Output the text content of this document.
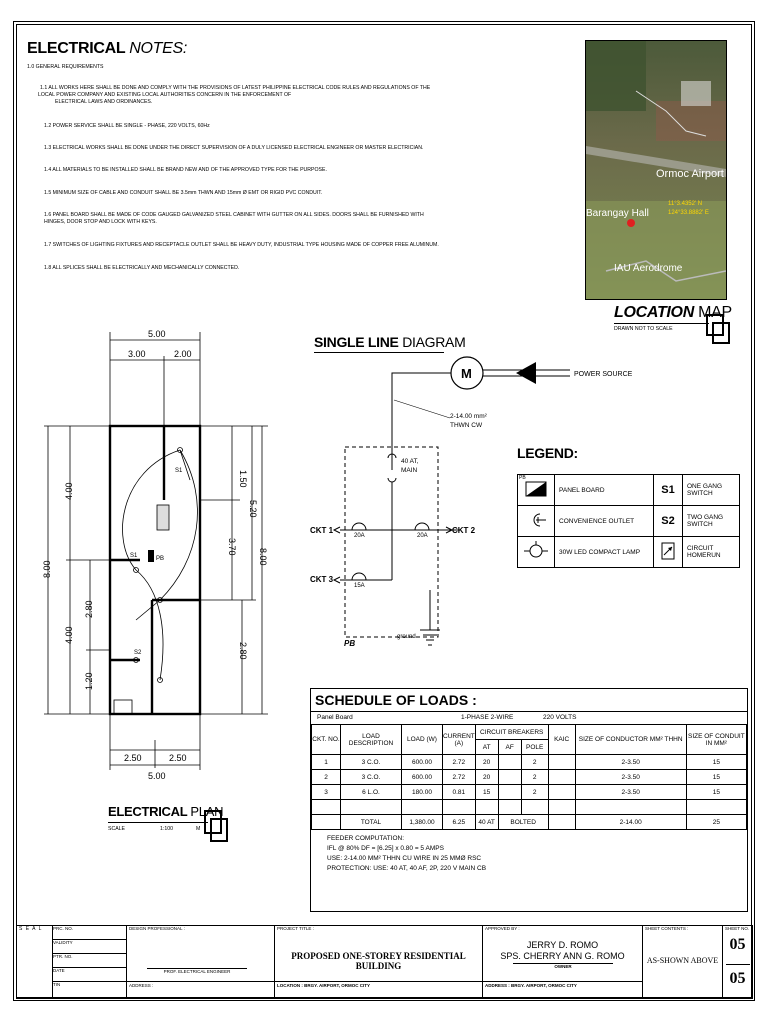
ELECTRICAL NOTES:
1.0 GENERAL REQUIREMENTS
1.1 ALL WORKS HERE SHALL BE DONE AND COMPLY WITH THE PROVISIONS OF LATEST PHILIPPINE ELECTRICAL CODE RULES AND REGULATIONS OF THE
LOCAL POWER COMPANY AND EXISTING LOCAL AUTHORITIES CONCERN IN THE ENFORCEMENT OF
ELECTRICAL LAWS AND ORDINANCES.
1.2 POWER SERVICE SHALL BE SINGLE - PHASE, 220 VOLTS, 60Hz
1.3 ELECTRICAL WORKS SHALL BE DONE UNDER THE DIRECT SUPERVISION OF A DULY LICENSED ELECTRICAL ENGINEER OR MASTER ELECTRICIAN.
1.4 ALL MATERIALS TO BE INSTALLED SHALL BE BRAND NEW AND OF THE APPROVED TYPE FOR THE PURPOSE.
1.5 MINIMUM SIZE OF CABLE AND CONDUIT SHALL BE 3.5mm THWN AND 15mm Ø EMT OR RIGID PVC CONDUIT.
1.6 PANEL BOARD SHALL BE MADE OF CODE GAUGED GALVANIZED STEEL CABINET WITH GUTTER ON ALL SIDES. DOORS SHALL BE FURNISHED WITH
HINGES, DOOR STOP AND LOCK WITH KEYS.
1.7 SWITCHES OF LIGHTING FIXTURES AND RECEPTACLE OUTLET SHALL BE HEAVY DUTY, INDUSTRIAL TYPE HOUSING MADE OF COPPER FREE ALUMINUM.
1.8 ALL SPLICES SHALL BE ELECTRICALLY AND MECHANICALLY CONNECTED.
Ormoc Airport
Barangay Hall
11°3.4352' N
124°33.8882' E
IAU Aerodrome
LOCATION MAP
DRAWN NOT TO SCALE
SINGLE LINE DIAGRAM
M	POWER SOURCE
2-14.00 mm²
THWN CW
40 AT,
MAIN
20A	20A
15A
CKT 1	CKT 2
CKT 3
PB
ground
LEGEND:
PB	PANEL BOARD	S1	ONE GANG SWITCH
	CONVENIENCE OUTLET	S2	TWO GANG SWITCH
	30W LED COMPACT LAMP		CIRCUIT HOMERUN
5.00
3.00	2.00
2.50	2.50
5.00
8.00
4.00
4.00
2.80
1.20
1.50
3.70
5.20
2.80
8.00
S1
S1	PB
S2
ELECTRICAL PLAN
SCALE	1:100	M
SCHEDULE OF LOADS :
Panel Board	1-PHASE 2-WIRE	220 VOLTS
CKT. NO.	LOAD DESCRIPTION	LOAD (W)	CURRENT (A)	CIRCUIT BREAKERS			KAIC	SIZE OF CONDUCTOR MM² THHN	SIZE OF CONDUIT IN MM²
				AT	AF	POLE			
1	3 C.O.	600.00	2.72	20		2		2-3.50	15
2	3 C.O.	600.00	2.72	20		2		2-3.50	15
3	6 L.O.	180.00	0.81	15		2		2-3.50	15

	TOTAL	1,380.00	6.25	40 AT	BOLTED			2-14.00	25
FEEDER COMPUTATION:
IFL @ 80% DF = [6.25] x 0.80 = 5 AMPS
USE: 2-14.00 MM² THHN CU WIRE IN 25 MMØ RSC
PROTECTION: USE: 40 AT, 40 AF, 2P, 220 V MAIN CB
S E A L	PRC. NO.
VALIDITY
PTR. NO.
DATE
TIN

DESIGN PROFESSIONAL :
PROF. ELECTRICAL ENGINEER
ADDRESS :

PROJECT TITLE :
PROPOSED ONE-STOREY RESIDENTIAL BUILDING
LOCATION : BRGY. AIRPORT, ORMOC CITY

APPROVED BY :
JERRY D. ROMO
SPS. CHERRY ANN G. ROMO
OWNER
ADDRESS : BRGY. AIRPORT, ORMOC CITY

SHEET CONTENTS :
AS-SHOWN ABOVE

SHEET NO.
05
05
